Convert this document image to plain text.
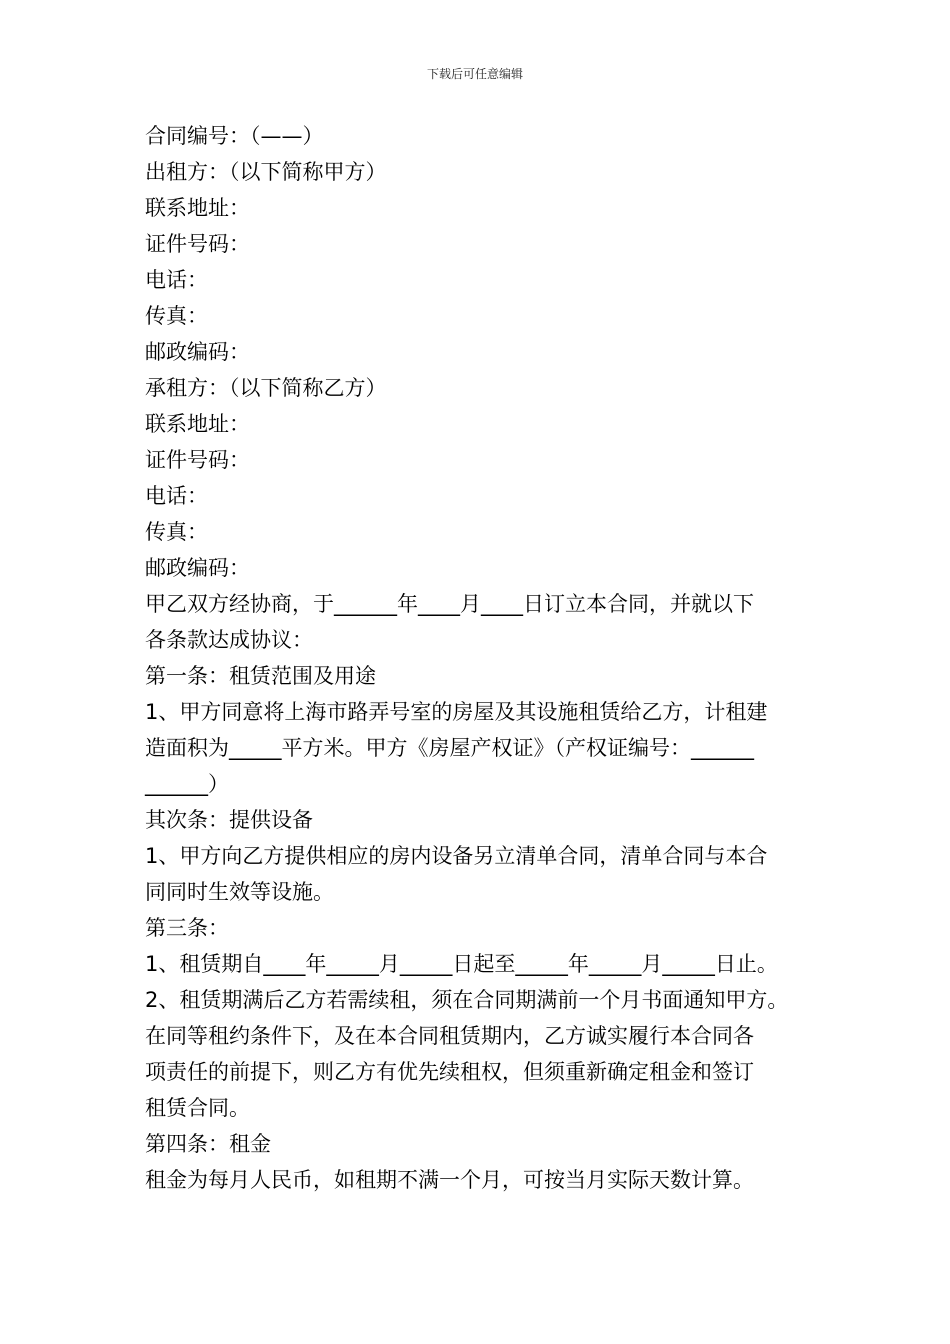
下载后可任意编辑
合同编号：（——）
出租方：（以下简称甲方）
联系地址：
证件号码：
电话：
传真：
邮政编码：
承租方：（以下简称乙方）
联系地址：
证件号码：
电话：
传真：
邮政编码：
甲乙双方经协商，于______年____月____日订立本合同，并就以下
各条款达成协议：
第一条：租赁范围及用途
1、甲方同意将上海市路弄号室的房屋及其设施租赁给乙方，计租建
造面积为_____平方米。甲方《房屋产权证》（产权证编号：______
______）
其次条：提供设备
1、甲方向乙方提供相应的房内设备另立清单合同，清单合同与本合
同同时生效等设施。
第三条：
1、租赁期自____年_____月_____日起至_____年_____月_____日止。
2、租赁期满后乙方若需续租，须在合同期满前一个月书面通知甲方。
在同等租约条件下，及在本合同租赁期内，乙方诚实履行本合同各
项责任的前提下，则乙方有优先续租权，但须重新确定租金和签订
租赁合同。
第四条：租金
租金为每月人民币，如租期不满一个月，可按当月实际天数计算。
